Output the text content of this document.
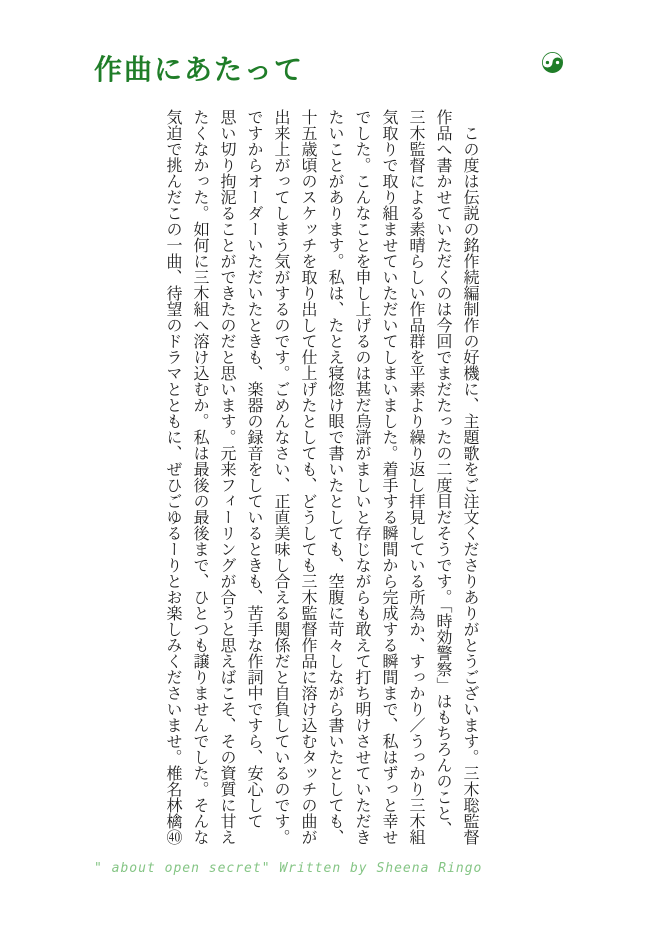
作曲にあたって

　この度は伝説の銘作続編制作の好機に、主題歌をご注文くださりありがとうございます。三木聡監督

作品へ書かせていただくのは今回でまだたったの二度目だそうです。「時効警察」はもちろんのこと、

三木監督による素晴らしい作品群を平素より繰り返し拝見している所為か、すっかり／うっかり三木組

気取りで取り組ませていただいてしまいました。着手する瞬間から完成する瞬間まで、私はずっと幸せ

でした。こんなことを申し上げるのは甚だ烏滸がましいと存じながらも敢えて打ち明けさせていただき

たいことがあります。私は、たとえ寝惚け眼で書いたとしても、空腹に苛々しながら書いたとしても、

十五歳頃のスケッチを取り出して仕上げたとしても、どうしても三木監督作品に溶け込むタッチの曲が

出来上がってしまう気がするのです。ごめんなさい、正直美味し合える関係だと自負しているのです。

ですからオーダーいただいたときも、楽器の録音をしているときも、苦手な作詞中ですら、安心して

思い切り拘泥ることができたのだと思います。元来フィーリングが合うと思えばこそ、その資質に甘え

たくなかった。如何に三木組へ溶け込むか。私は最後の最後まで、ひとつも譲りませんでした。そんな

気迫で挑んだこの一曲、待望のドラマとともに、ぜひごゆるーりとお楽しみくださいませ。椎名林檎㊵

" about open secret" Written by Sheena Ringo
